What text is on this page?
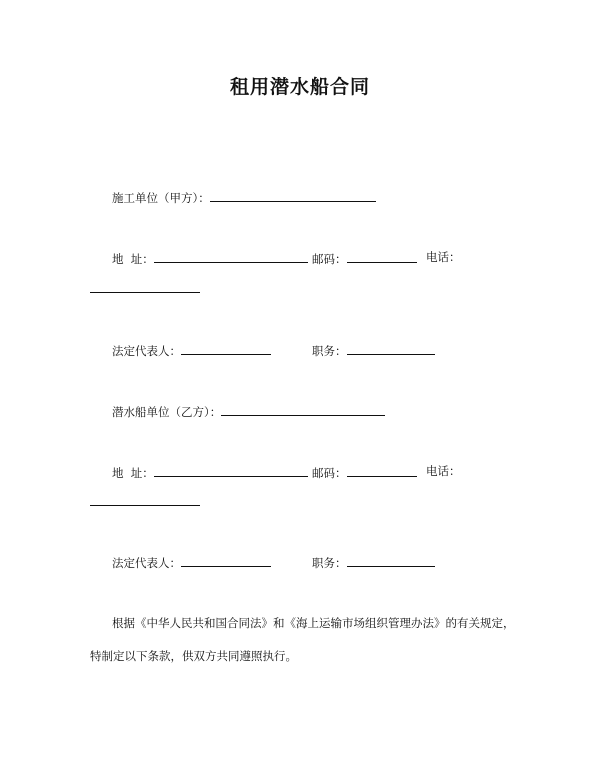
租用潜水船合同
施工单位（甲方）：
地  址：	邮码：	电话：
法定代表人：	职务：
潜水船单位（乙方）：
地  址：	邮码：	电话：
法定代表人：	职务：
根据《中华人民共和国合同法》和《海上运输市场组织管理办法》的有关规定，
特制定以下条款，供双方共同遵照执行。
